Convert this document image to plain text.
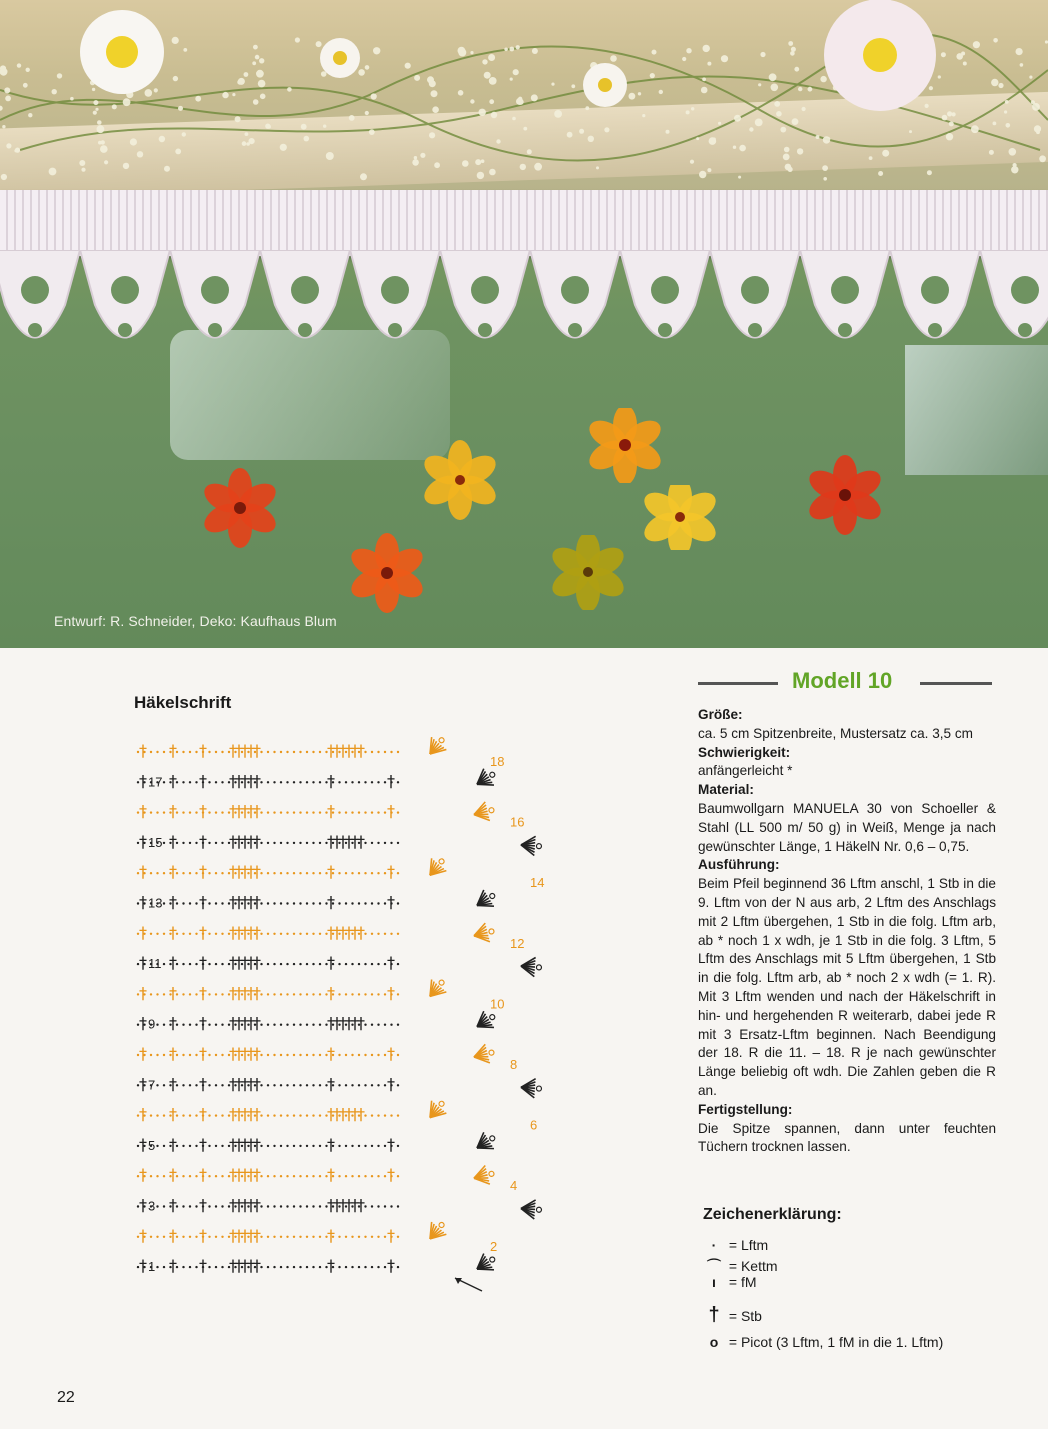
Entwurf: R. Schneider, Deko: Kaufhaus Blum
Häkelschrift
† † † †
†
†
†
†	†
†
†
†
†
†
† † † †
†
†
†
†	†	†
† † † †
†
†
†
†	†	†
† † † †
†
†
†
†	†
†
†
†
†
†
† † † †
†
†
†
†	†	†
† † † †
†
†
†
†	†	†
† † † †
†
†
†
†	†
†
†
†
†
†
† † † †
†
†
†
†	†	†
† † † †
†
†
†
†	†	†
† † † †
†
†
†
†	†
†
†
†
†
†
† † † †
†
†
†
†	†	†
† † † †
†
†
†
†	†	†
† † † †
†
†
†
†	†
†
†
†
†
†
† † † †
†
†
†
†	†	†
† † † †
†
†
†
†	†	†
† † † †
†
†
†
†	†
†
†
†
†
†
† † † †
†
†
†
†	†	†
† † † †
†
†
†
†	†	†
17
15
13
11
9
7
5
3
1
18
16
14
12
10
8
6
4
2
Modell 10
Größe:
ca. 5 cm Spitzenbreite, Mustersatz ca. 3,5 cm
Schwierigkeit:
anfängerleicht *
Material:
Baumwollgarn MANUELA 30 von Schoeller & Stahl (LL 500 m/ 50 g) in Weiß, Menge ja nach gewünschter Länge, 1 HäkelN Nr. 0,6 – 0,75.
Ausführung:
Beim Pfeil beginnend 36 Lftm anschl, 1 Stb in die 9. Lftm von der N aus arb, 2 Lftm des Anschlags mit 2 Lftm übergehen, 1 Stb in die folg. Lftm arb, ab * noch 1 x wdh, je 1 Stb in die folg. 3 Lftm, 5 Lftm des Anschlags mit 5 Lftm übergehen, 1 Stb in die folg. Lftm arb, ab * noch 2 x wdh (= 1. R). Mit 3 Lftm wenden und nach der Häkelschrift in hin- und hergehenden R weiterarb, dabei jede R mit 3 Ersatz-Lftm beginnen. Nach Beendigung der 18. R die 11. – 18. R je nach gewünschter Länge beliebig oft wdh. Die Zahlen geben die R an.
Fertigstellung:
Die Spitze spannen, dann unter feuchten Tüchern trocknen lassen.
Zeichenerklärung:
· = Lftm
⌒ = Kettm
ı = fM
† = Stb
o = Picot (3 Lftm, 1 fM in die 1. Lftm)
22
